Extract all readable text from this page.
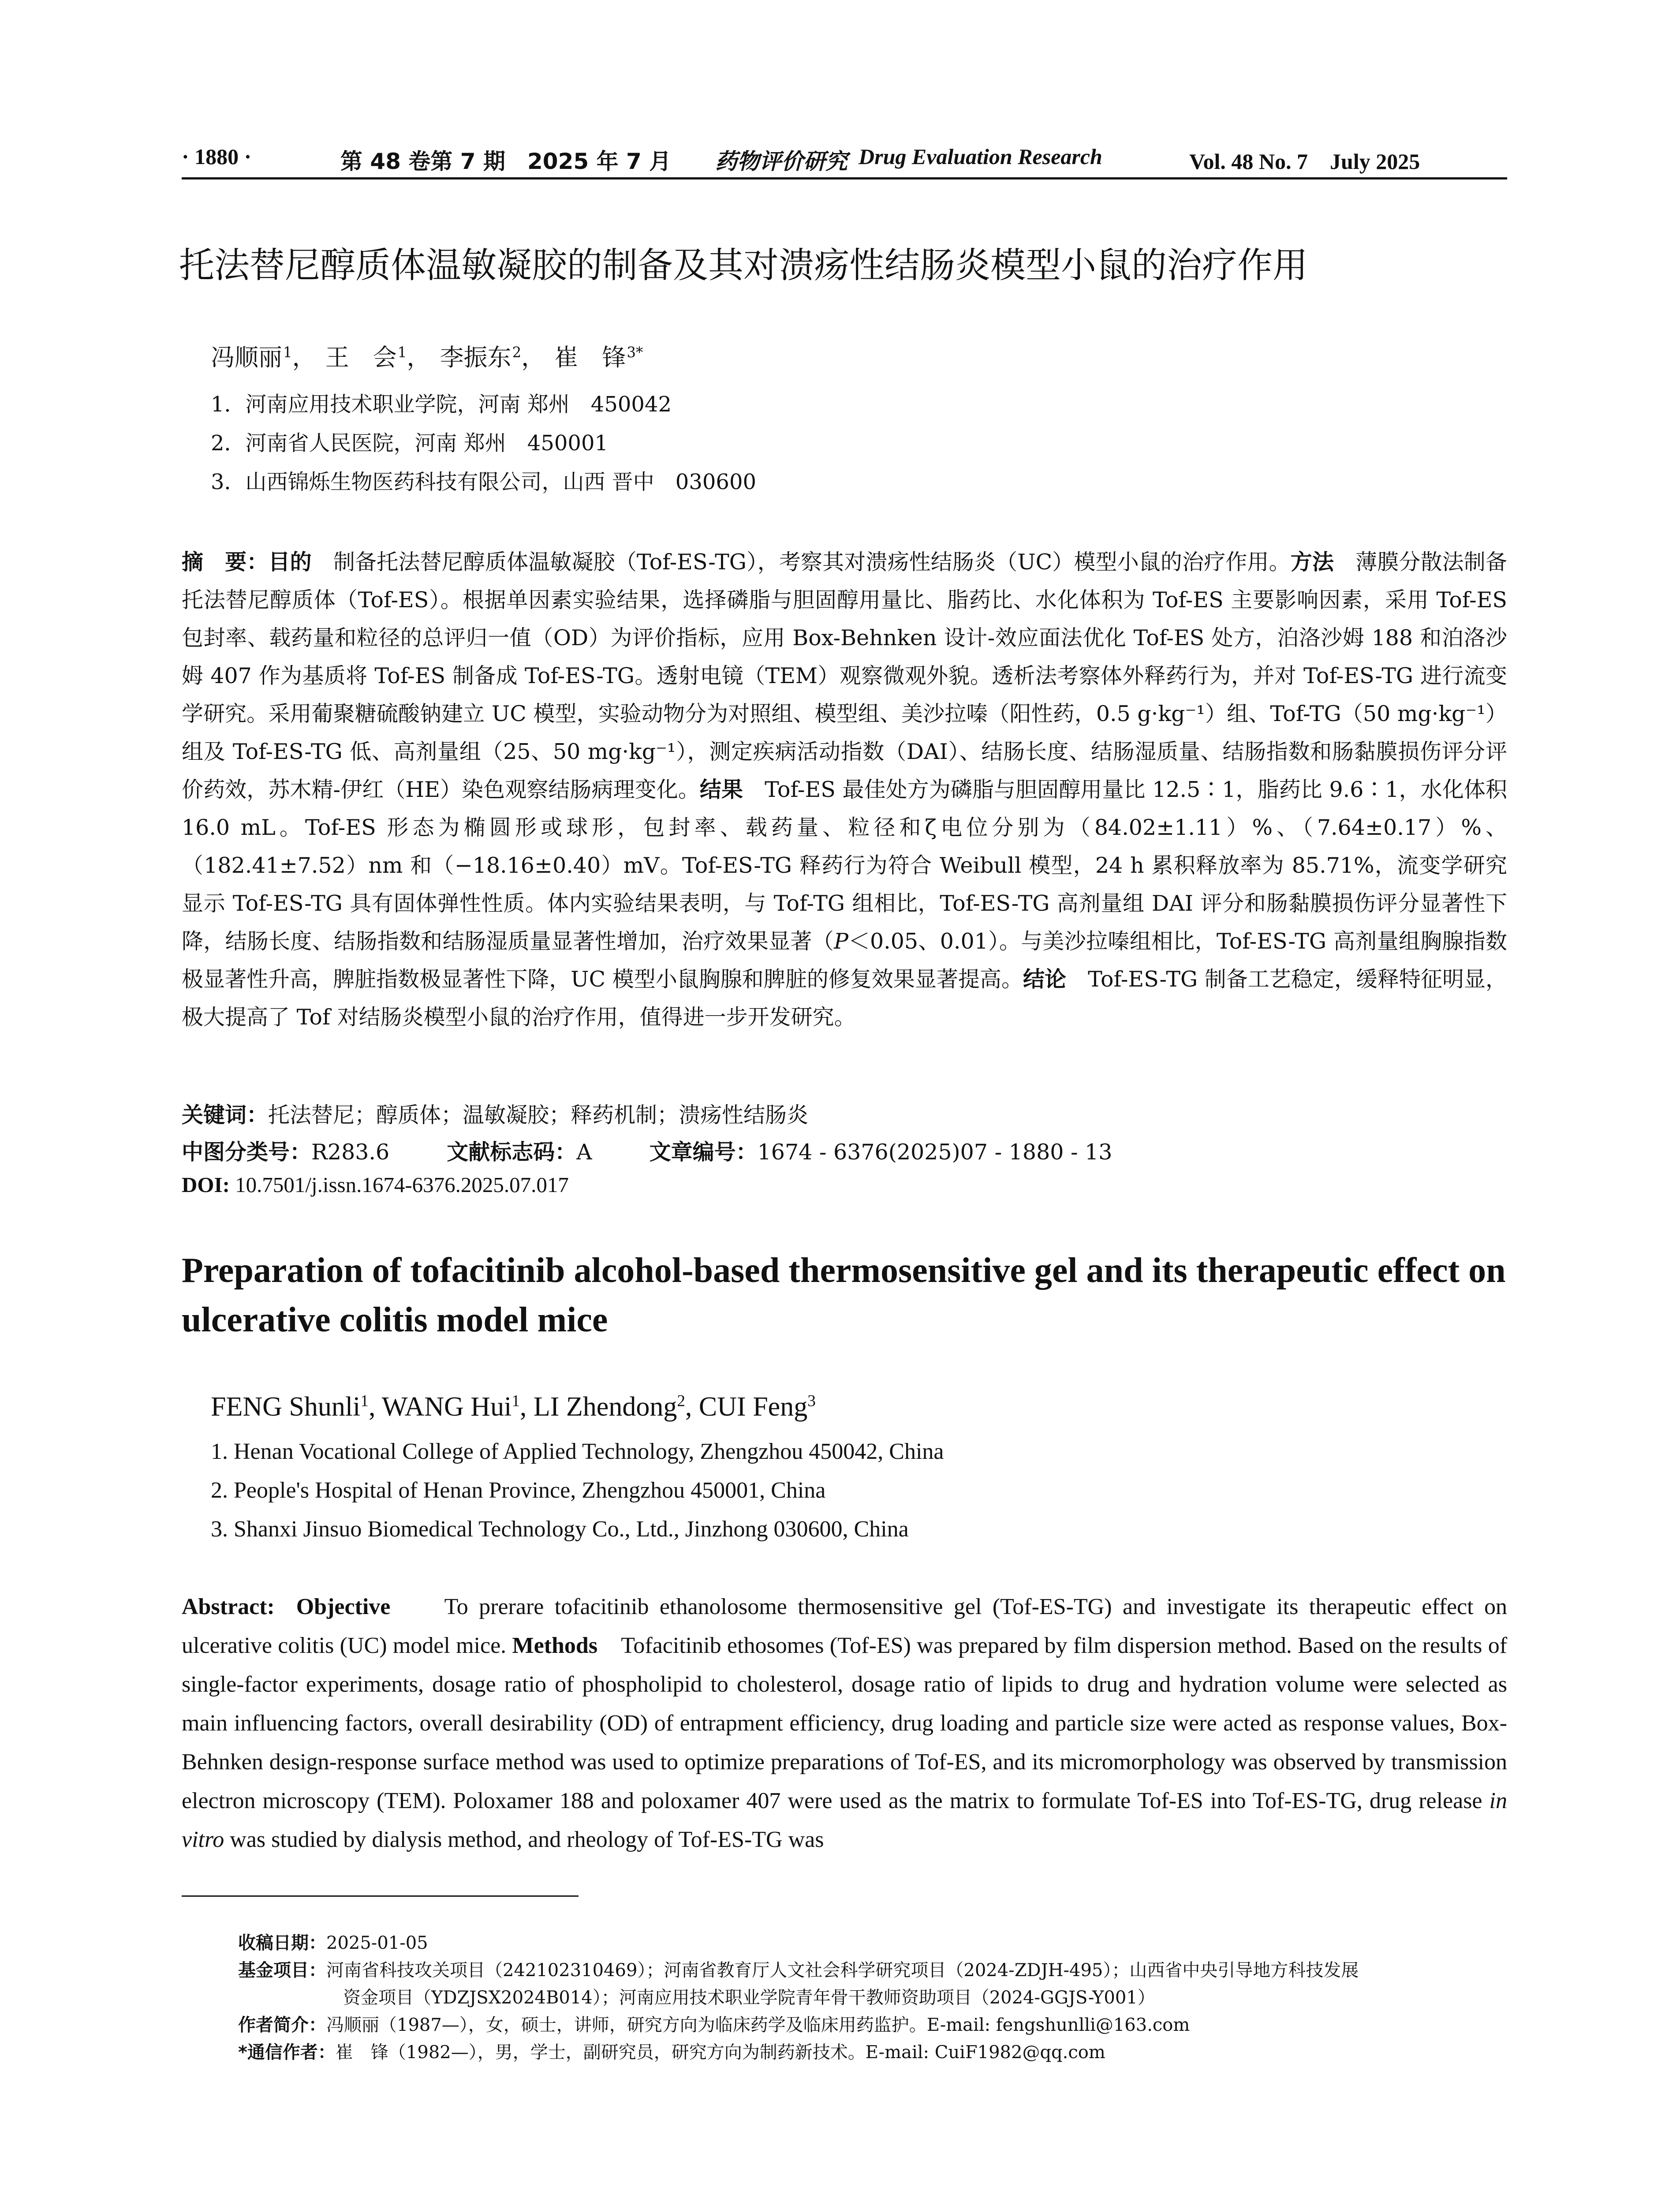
· 1880 ·	第 48 卷第 7 期　2025 年 7 月 药物评价研究 Drug Evaluation Research	Vol. 48 No. 7　July 2025
托法替尼醇质体温敏凝胶的制备及其对溃疡性结肠炎模型小鼠的治疗作用
冯顺丽$^1$， 王　会$^1$， 李振东$^2$， 崔　锋$^{3*}$
1．河南应用技术职业学院，河南 郑州　450042
2．河南省人民医院，河南 郑州　450001
3．山西锦烁生物医药科技有限公司，山西 晋中　030600
摘　要：目的　 制备托法替尼醇质体温敏凝胶（Tof-ES-TG），考察其对溃疡性结肠炎（UC）模型小鼠的治疗作用。方法　 薄膜分散法制备托法替尼醇质体（Tof-ES）。根据单因素实验结果，选择磷脂与胆固醇用量比、脂药比、水化体积为 Tof-ES 主要影响因素，采用 Tof-ES 包封率、载药量和粒径的总评归一值（OD）为评价指标，应用 Box-Behnken 设计-效应面法优化 Tof-ES 处方，泊洛沙姆 188 和泊洛沙姆 407 作为基质将 Tof-ES 制备成 Tof-ES-TG。透射电镜（TEM）观察微观外貌。透析法考察体外释药行为，并对 Tof-ES-TG 进行流变学研究。采用葡聚糖硫酸钠建立 UC 模型，实验动物分为对照组、模型组、美沙拉嗪（阳性药，0.5 g·kg⁻¹）组、Tof-TG（50 mg·kg⁻¹）组及 Tof-ES-TG 低、高剂量组（25、50 mg·kg⁻¹），测定疾病活动指数（DAI）、结肠长度、结肠湿质量、结肠指数和肠黏膜损伤评分评价药效，苏木精-伊红（HE）染色观察结肠病理变化。结果　 Tof-ES 最佳处方为磷脂与胆固醇用量比 12.5∶1，脂药比 9.6∶1，水化体积 16.0 mL。Tof-ES 形态为椭圆形或球形，包封率、载药量、粒径和ζ电位分别为（84.02±1.11）%、（7.64±0.17）%、（182.41±7.52）nm 和（−18.16±0.40）mV。Tof-ES-TG 释药行为符合 Weibull 模型，24 h 累积释放率为 85.71%，流变学研究显示 Tof-ES-TG 具有固体弹性性质。体内实验结果表明，与 Tof-TG 组相比，Tof-ES-TG 高剂量组 DAI 评分和肠黏膜损伤评分显著性下降，结肠长度、结肠指数和结肠湿质量显著性增加，治疗效果显著（P＜0.05、0.01）。与美沙拉嗪组相比，Tof-ES-TG 高剂量组胸腺指数极显著性升高，脾脏指数极显著性下降，UC 模型小鼠胸腺和脾脏的修复效果显著提高。结论　 Tof-ES-TG 制备工艺稳定，缓释特征明显，极大提高了 Tof 对结肠炎模型小鼠的治疗作用，值得进一步开发研究。
关键词：托法替尼；醇质体；温敏凝胶；释药机制；溃疡性结肠炎
中图分类号：R283.6	文献标志码：A	文章编号：1674 - 6376(2025)07 - 1880 - 13
DOI: 10.7501/j.issn.1674-6376.2025.07.017
Preparation of tofacitinib alcohol-based thermosensitive gel and its therapeutic effect on ulcerative colitis model mice
FENG Shunli$^1$, WANG Hui$^1$, LI Zhendong$^2$, CUI Feng$^3$
1. Henan Vocational College of Applied Technology, Zhengzhou 450042, China
2. People's Hospital of Henan Province, Zhengzhou 450001, China
3. Shanxi Jinsuo Biomedical Technology Co., Ltd., Jinzhong 030600, China
Abstract: Objective To prerare tofacitinib ethanolosome thermosensitive gel (Tof-ES-TG) and investigate its therapeutic effect on ulcerative colitis (UC) model mice. Methods Tofacitinib ethosomes (Tof-ES) was prepared by film dispersion method. Based on the results of single-factor experiments, dosage ratio of phospholipid to cholesterol, dosage ratio of lipids to drug and hydration volume were selected as main influencing factors, overall desirability (OD) of entrapment efficiency, drug loading and particle size were acted as response values, Box-Behnken design-response surface method was used to optimize preparations of Tof-ES, and its micromorphology was observed by transmission electron microscopy (TEM). Poloxamer 188 and poloxamer 407 were used as the matrix to formulate Tof-ES into Tof-ES-TG, drug release in vitro was studied by dialysis method, and rheology of Tof-ES-TG was
收稿日期：2025-01-05
基金项目：河南省科技攻关项目（242102310469）；河南省教育厅人文社会科学研究项目（2024-ZDJH-495）；山西省中央引导地方科技发展
资金项目（YDZJSX2024B014）；河南应用技术职业学院青年骨干教师资助项目（2024-GGJS-Y001）
作者简介：冯顺丽（1987—），女，硕士，讲师，研究方向为临床药学及临床用药监护。E-mail: fengshunlli@163.com
*通信作者：崔　锋（1982—），男，学士，副研究员，研究方向为制药新技术。E-mail: CuiF1982@qq.com
